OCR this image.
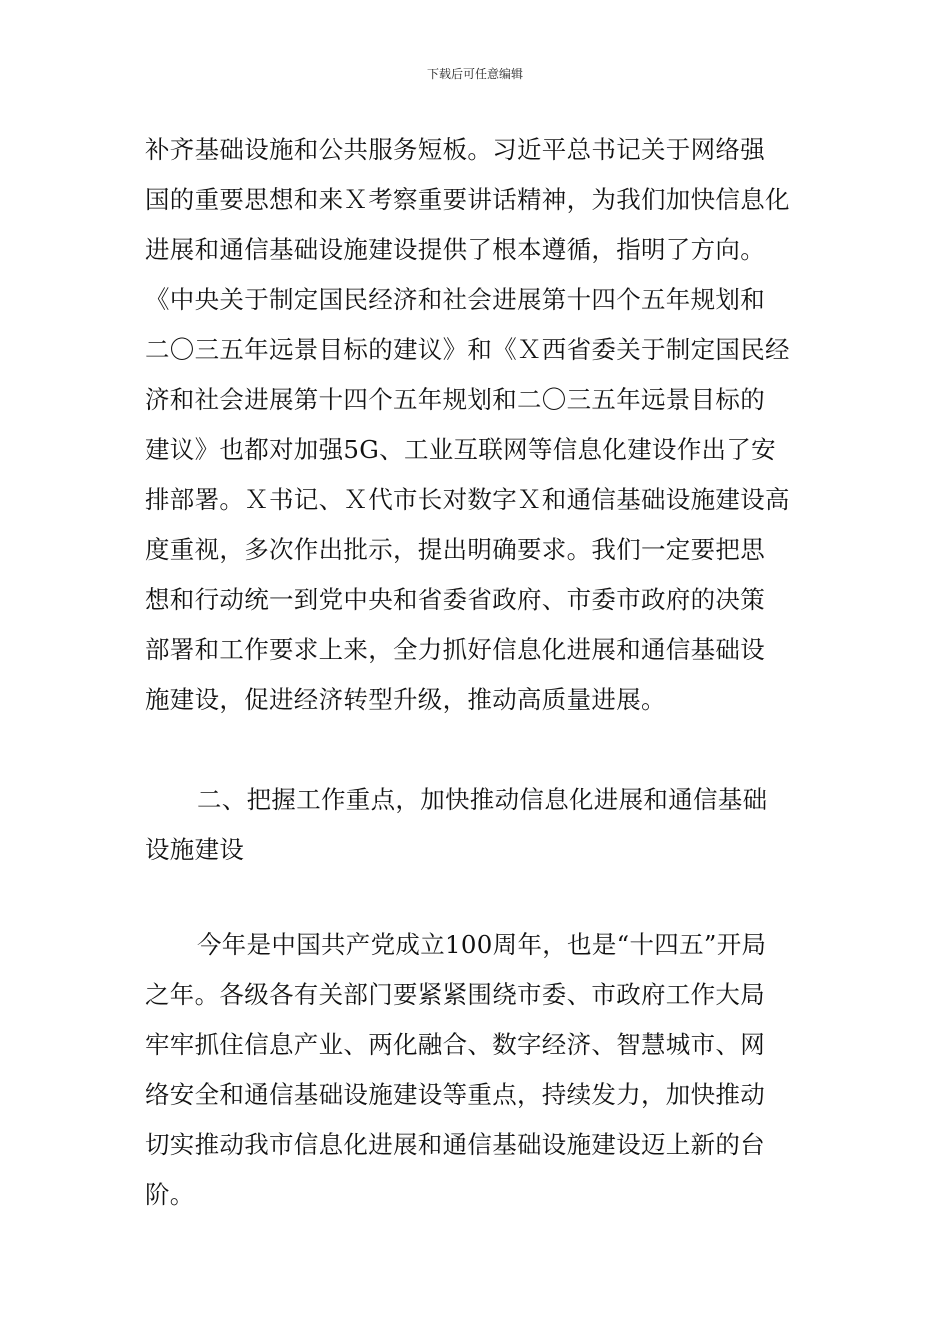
下载后可任意编辑
补齐基础设施和公共服务短板。习近平总书记关于网络强
国的重要思想和来Ｘ考察重要讲话精神，为我们加快信息化
进展和通信基础设施建设提供了根本遵循，指明了方向。
《中央关于制定国民经济和社会进展第十四个五年规划和
二〇三五年远景目标的建议》和《Ｘ西省委关于制定国民经
济和社会进展第十四个五年规划和二〇三五年远景目标的
建议》也都对加强5G、工业互联网等信息化建设作出了安
排部署。Ｘ书记、Ｘ代市长对数字Ｘ和通信基础设施建设高
度重视，多次作出批示，提出明确要求。我们一定要把思
想和行动统一到党中央和省委省政府、市委市政府的决策
部署和工作要求上来，全力抓好信息化进展和通信基础设
施建设，促进经济转型升级，推动高质量进展。
二、把握工作重点，加快推动信息化进展和通信基础
设施建设
今年是中国共产党成立100周年，也是“十四五”开局
之年。各级各有关部门要紧紧围绕市委、市政府工作大局
牢牢抓住信息产业、两化融合、数字经济、智慧城市、网
络安全和通信基础设施建设等重点，持续发力，加快推动
切实推动我市信息化进展和通信基础设施建设迈上新的台
阶。
